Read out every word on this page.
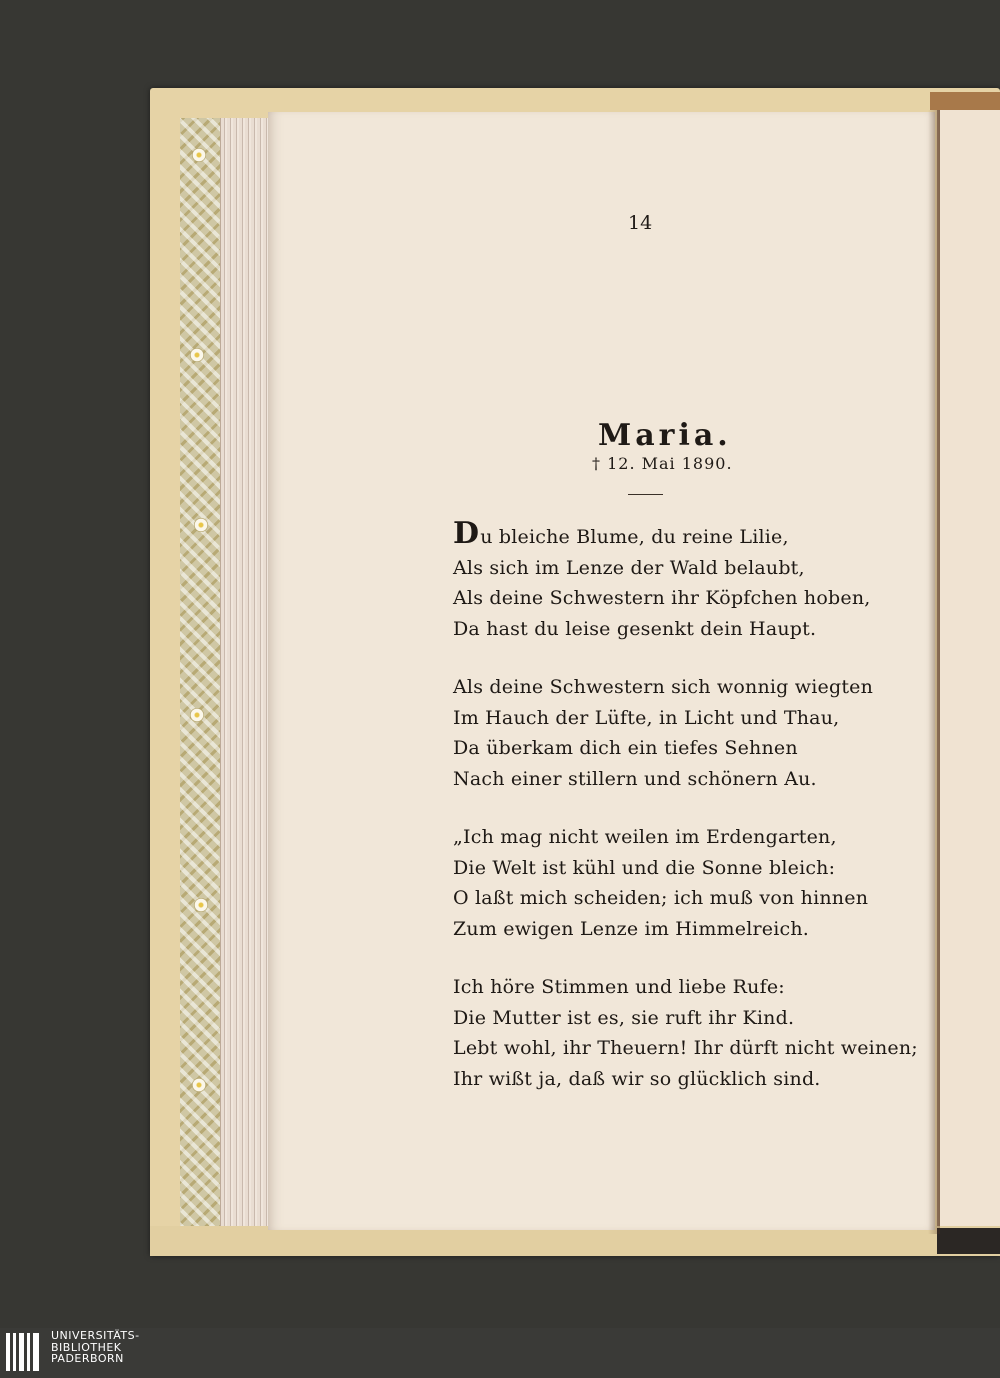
14
Maria.
† 12. Mai 1890.
Du bleiche Blume, du reine Lilie,
Als sich im Lenze der Wald belaubt,
Als deine Schwestern ihr Köpfchen hoben,
Da hast du leise gesenkt dein Haupt.
Als deine Schwestern sich wonnig wiegten
Im Hauch der Lüfte, in Licht und Thau,
Da überkam dich ein tiefes Sehnen
Nach einer stillern und schönern Au.
„Ich mag nicht weilen im Erdengarten,
Die Welt ist kühl und die Sonne bleich:
O laßt mich scheiden; ich muß von hinnen
Zum ewigen Lenze im Himmelreich.
Ich höre Stimmen und liebe Rufe:
Die Mutter ist es, sie ruft ihr Kind.
Lebt wohl, ihr Theuern! Ihr dürft nicht weinen;
Ihr wißt ja, daß wir so glücklich sind.
UNIVERSITÄTS-
BIBLIOTHEK
PADERBORN
